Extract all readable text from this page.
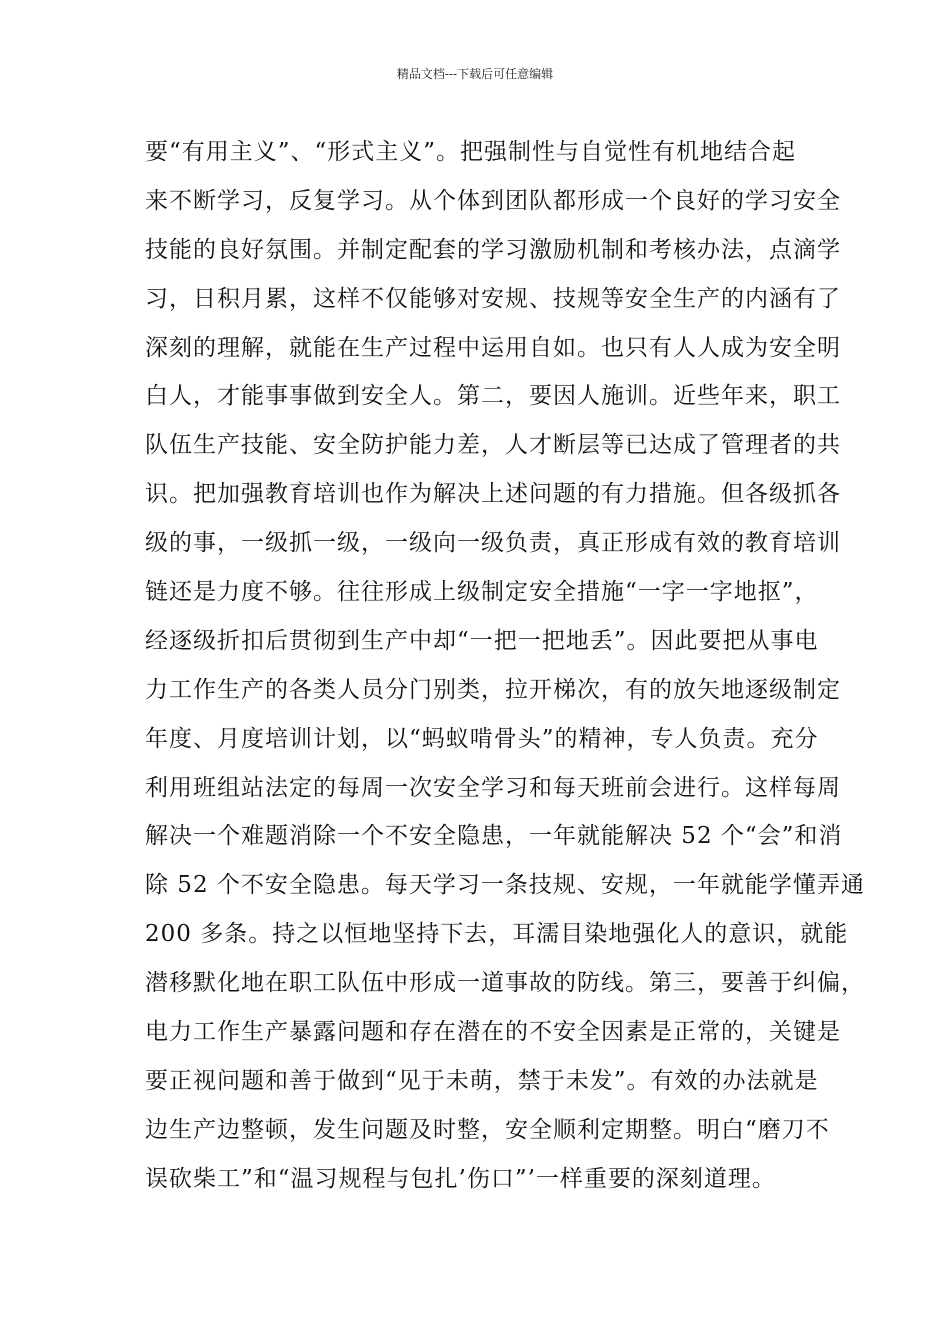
精品文档---下载后可任意编辑
要“有用主义”、“形式主义”。把强制性与自觉性有机地结合起
来不断学习，反复学习。从个体到团队都形成一个良好的学习安全
技能的良好氛围。并制定配套的学习激励机制和考核办法，点滴学
习，日积月累，这样不仅能够对安规、技规等安全生产的内涵有了
深刻的理解，就能在生产过程中运用自如。也只有人人成为安全明
白人，才能事事做到安全人。第二，要因人施训。近些年来，职工
队伍生产技能、安全防护能力差，人才断层等已达成了管理者的共
识。把加强教育培训也作为解决上述问题的有力措施。但各级抓各
级的事，一级抓一级，一级向一级负责，真正形成有效的教育培训
链还是力度不够。往往形成上级制定安全措施“一字一字地抠”，
经逐级折扣后贯彻到生产中却“一把一把地丢”。因此要把从事电
力工作生产的各类人员分门别类，拉开梯次，有的放矢地逐级制定
年度、月度培训计划，以“蚂蚁啃骨头”的精神，专人负责。充分
利用班组站法定的每周一次安全学习和每天班前会进行。这样每周
解决一个难题消除一个不安全隐患，一年就能解决 52 个“会”和消
除 52 个不安全隐患。每天学习一条技规、安规，一年就能学懂弄通
200 多条。持之以恒地坚持下去，耳濡目染地强化人的意识，就能
潜移默化地在职工队伍中形成一道事故的防线。第三，要善于纠偏，
电力工作生产暴露问题和存在潜在的不安全因素是正常的，关键是
要正视问题和善于做到“见于未萌，禁于未发”。有效的办法就是
边生产边整顿，发生问题及时整，安全顺利定期整。明白“磨刀不
误砍柴工”和“温习规程与包扎’伤口”’一样重要的深刻道理。
